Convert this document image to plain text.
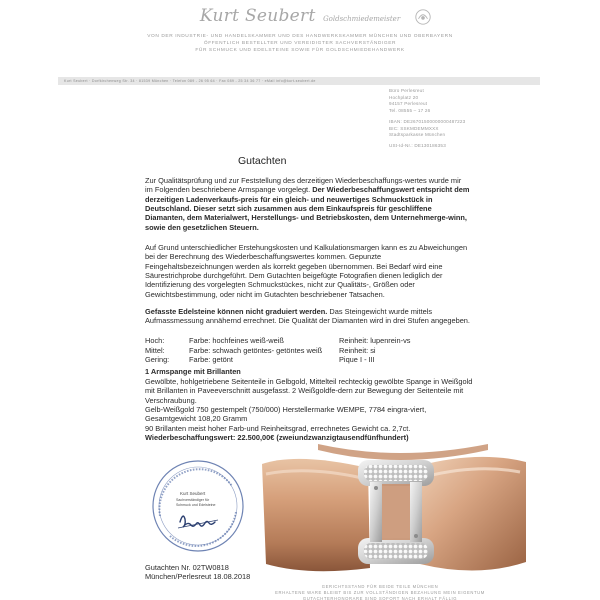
Kurt Seubert Goldschmiedemeister
VON DER INDUSTRIE- UND HANDELSKAMMER UND DES HANDWERKSKAMMER MÜNCHEN UND OBERBAYERN
ÖFFENTLICH BESTELLTER UND VEREIDIGTER SACHVERSTÄNDIGER
FÜR SCHMUCK UND EDELSTEINE SOWIE FÜR GOLDSCHMIEDEHANDWERK
Kurt Seubert · Dorfkirchenweg Str. 34 · 81539 München · Telefon 089 - 26 95 64 · Fax 089 - 25 34 36 77 · eMail info@kurt-seubert.de
Büro Perlesreut
Hochplatz 20
94157 Perlesreut
Tel. 08555 – 17 26
IBAN: DE26701500000000487223
BIC: SSKMDEMMXXX
Stadtsparkasse München
USt-Id-Nr.: DE130186353
Gutachten
Zur Qualitätsprüfung und zur Feststellung des derzeitigen Wiederbeschaffungs-wertes wurde mir im Folgenden beschriebene Armspange vorgelegt. Der Wiederbeschaffungswert entspricht dem derzeitigen Ladenverkaufs-preis für ein gleich- und neuwertiges Schmuckstück in Deutschland. Dieser setzt sich zusammen aus dem Einkaufspreis für geschliffene Diamanten, dem Materialwert, Herstellungs- und Betriebskosten, dem Unternehmerge-winn, sowie den gesetzlichen Steuern.
Auf Grund unterschiedlicher Erstehungskosten und Kalkulationsmargen kann es zu Abweichungen bei der Berechnung des Wiederbeschaffungswertes kommen. Gepunzte Feingehaltsbezeichnungen werden als korrekt gegeben übernommen. Bei Bedarf wird eine Säurestrichprobe durchgeführt. Dem Gutachten beigefügte Fotografien dienen lediglich der Identifizierung des vorgelegten Schmuckstückes, nicht zur Qualitäts-, Größen oder Gewichtsbestimmung, oder nicht im Gutachten beschriebener Tatsachen.
Gefasste Edelsteine können nicht graduiert werden. Das Steingewicht wurde mittels Aufmassmessung annähernd errechnet. Die Qualität der Diamanten wird in drei Stufen angegeben.
Hoch:	Farbe: hochfeines weiß-weiß	Reinheit: lupenrein-vs
Mittel:	Farbe: schwach getöntes- getöntes weiß Reinheit: si
Gering:	Farbe: getönt	Pique I - III
1 Armspange mit Brillanten
Gewölbte, hohlgetriebene Seitenteile in Gelbgold, Mittelteil rechteckig gewölbte Spange in Weißgold mit Brillanten in Paveeverschnitt ausgefasst. 2 Weißgoldfe-dern zur Bewegung der Seitenteile mit Verschraubung.
Gelb-Weißgold 750 gestempelt (750/000) Herstellermarke WEMPE, 7784 eingra-viert, Gesamtgewicht 108,20 Gramm
90 Brillanten meist hoher Farb-und Reinheitsgrad, errechnetes Gewicht ca. 2,7ct.
Wiederbeschaffungswert: 22.500,00€ (zweiundzwanzigtausendfünfhundert)
Kurt Seubert
Sachverständiger für
Schmuck und Edelsteine
Gutachten Nr. 02TW0818
München/Perlesreut 18.08.2018
GERICHTSSTAND FÜR BEIDE TEILE MÜNCHEN
ERHALTENE WARE BLEIBT BIS ZUR VOLLSTÄNDIGEN BEZAHLUNG MEIN EIGENTUM
GUTACHTERHONORARE SIND SOFORT NACH ERHALT FÄLLIG
